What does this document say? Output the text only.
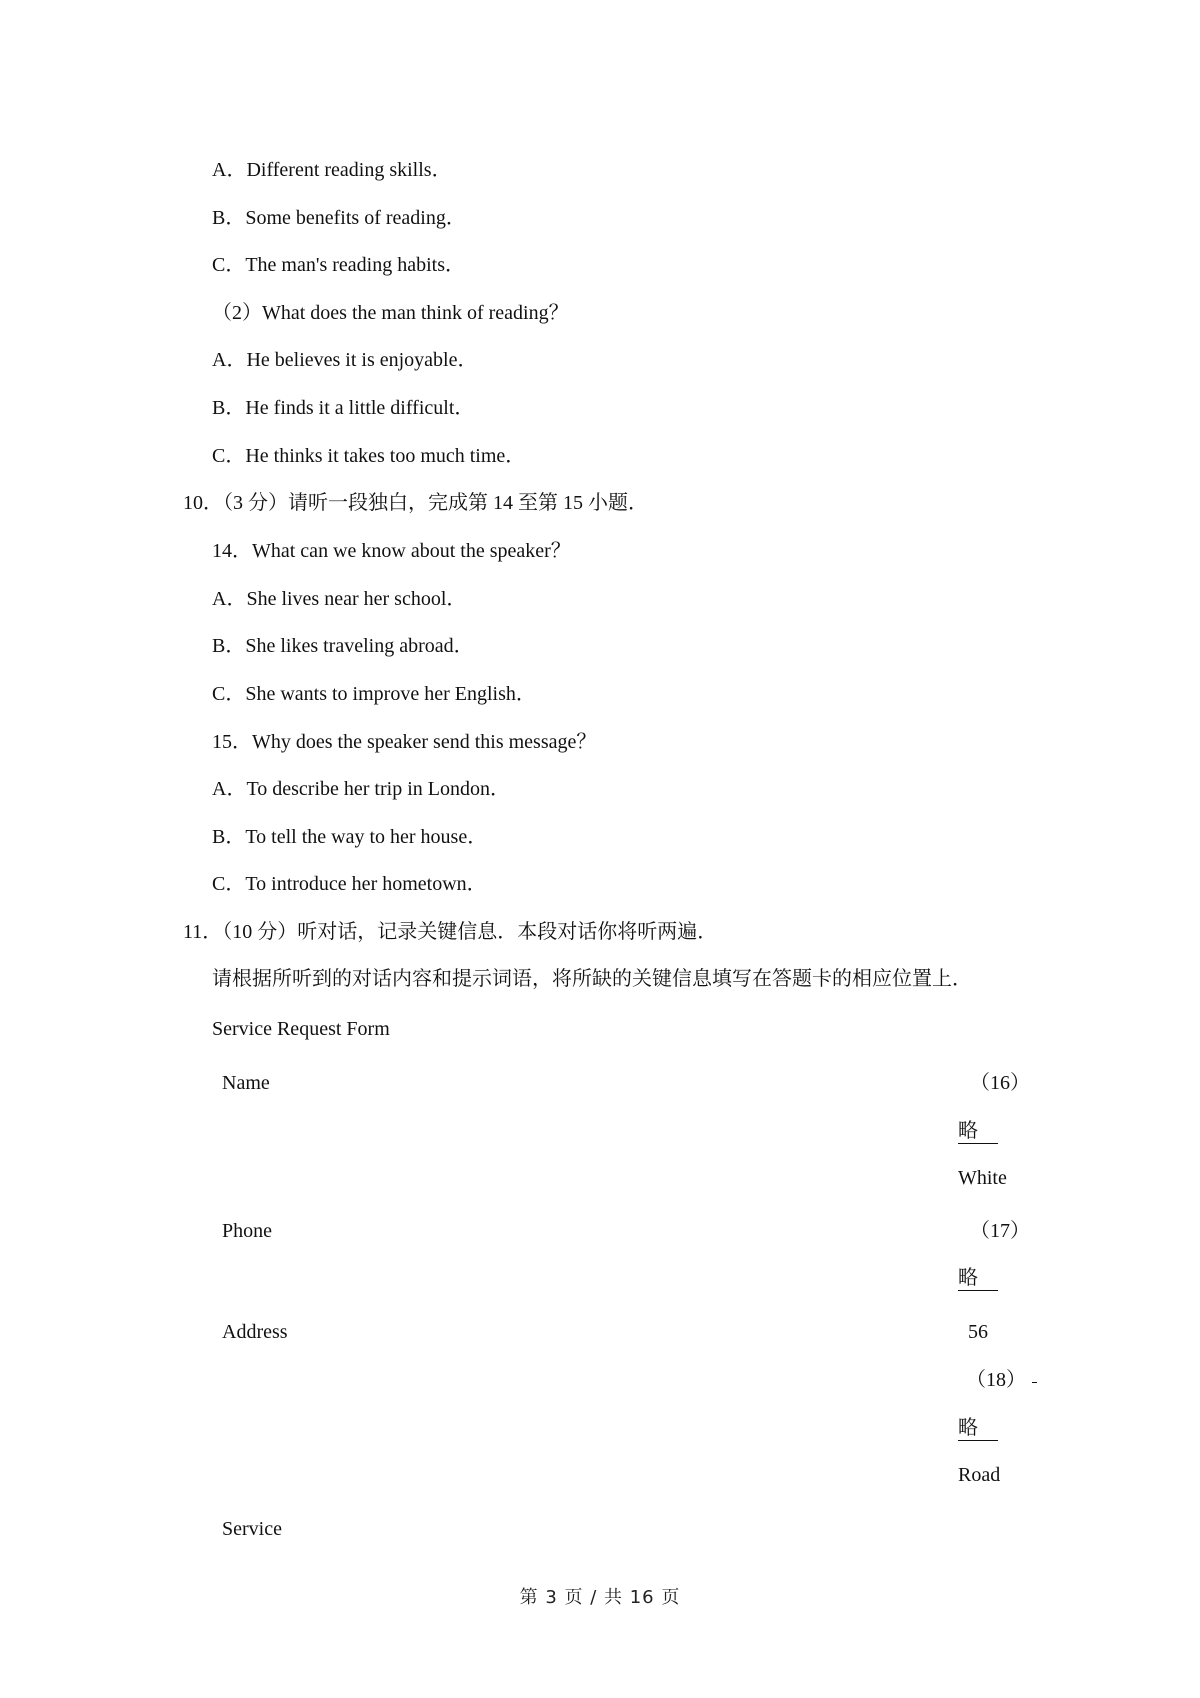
A．Different reading skills．
B．Some benefits of reading．
C．The man's reading habits．
（2）What does the man think of reading？
A．He believes it is enjoyable．
B．He finds it a little difficult．
C．He thinks it takes too much time．
10．（3 分）请听一段独白，完成第 14 至第 15 小题．
14．What can we know about the speaker？
A．She lives near her school．
B．She likes traveling abroad．
C．She wants to improve her English．
15．Why does the speaker send this message？
A．To describe her trip in London．
B．To tell the way to her house．
C．To introduce her hometown．
11．（10 分）听对话，记录关键信息．本段对话你将听两遍．
请根据所听到的对话内容和提示词语，将所缺的关键信息填写在答题卡的相应位置上．
Service Request Form
Name
Phone
Address
Service
（16）
略
White
（17）
略
56
（18）
略
Road
第 3 页 / 共 16 页
